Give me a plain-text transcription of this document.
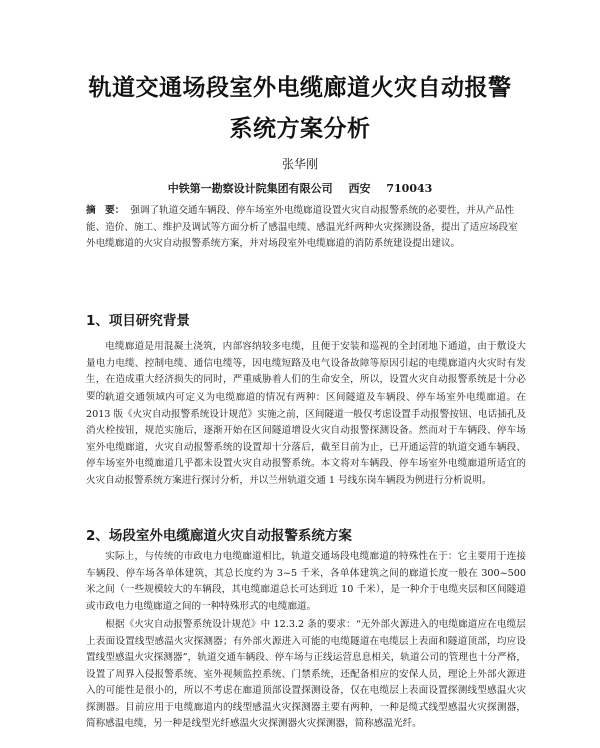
轨道交通场段室外电缆廊道火灾自动报警
系统方案分析
张华刚
中铁第一勘察设计院集团有限公司 西安 710043
摘　要： 强调了轨道交通车辆段、停车场室外电缆廊道设置火灾自动报警系统的必要性，并从产品性能、造价、施工、维护及调试等方面分析了感温电缆、感温光纤两种火灾探测设备，提出了适应场段室外电缆廊道的火灾自动报警系统方案，并对场段室外电缆廊道的消防系统建设提出建议。
1、项目研究背景
电缆廊道是用混凝土浇筑，内部容纳较多电缆，且便于安装和巡视的全封闭地下通道，由于敷设大量电力电缆、控制电缆、通信电缆等，因电缆短路及电气设备故障等原因引起的电缆廊道内火灾时有发生，在造成重大经济损失的同时，严重威胁着人们的生命安全，所以，设置火灾自动报警系统是十分必要的。
轨道交通领域内可定义为电缆廊道的情况有两种：区间隧道及车辆段、停车场室外电缆廊道。在 2013 版《火灾自动报警系统设计规范》实施之前，区间隧道一般仅考虑设置手动报警按钮、电话插孔及消火栓按钮，规范实施后，逐渐开始在区间隧道增设火灾自动报警探测设备。然而对于车辆段、停车场室外电缆廊道，火灾自动报警系统的设置却十分落后，截至目前为止，已开通运营的轨道交通车辆段、停车场室外电缆廊道几乎都未设置火灾自动报警系统。本文将对车辆段、停车场室外电缆廊道所适宜的火灾自动报警系统方案进行探讨分析，并以兰州轨道交通 1 号线东岗车辆段为例进行分析说明。
2、场段室外电缆廊道火灾自动报警系统方案
实际上，与传统的市政电力电缆廊道相比，轨道交通场段电缆廊道的特殊性在于：它主要用于连接车辆段、停车场各单体建筑，其总长度约为 3~5 千米，各单体建筑之间的廊道长度一般在 300~500 米之间（一些规模较大的车辆段，其电缆廊道总长可达到近 10 千米），是一种介于电缆夹层和区间隧道或市政电力电缆廊道之间的一种特殊形式的电缆廊道。
根据《火灾自动报警系统设计规范》中 12.3.2 条的要求：“无外部火源进入的电缆廊道应在电缆层上表面设置线型感温火灾探测器；有外部火源进入可能的电缆隧道在电缆层上表面和隧道顶部，均应设置线型感温火灾探测器”，轨道交通车辆段、停车场与正线运营息息相关，轨道公司的管理也十分严格，设置了周界入侵报警系统、室外视频监控系统、门禁系统，还配备相应的安保人员，理论上外部火源进入的可能性是很小的，所以不考虑在廊道顶部设置探测设备，仅在电缆层上表面设置探测线型感温火灾探测器。目前应用于电缆廊道内的线型感温火灾探测器主要有两种，一种是缆式线型感温火灾探测器，简称感温电缆，另一种是线型光纤感温火灾探测器火灾探测器，简称感温光纤。
